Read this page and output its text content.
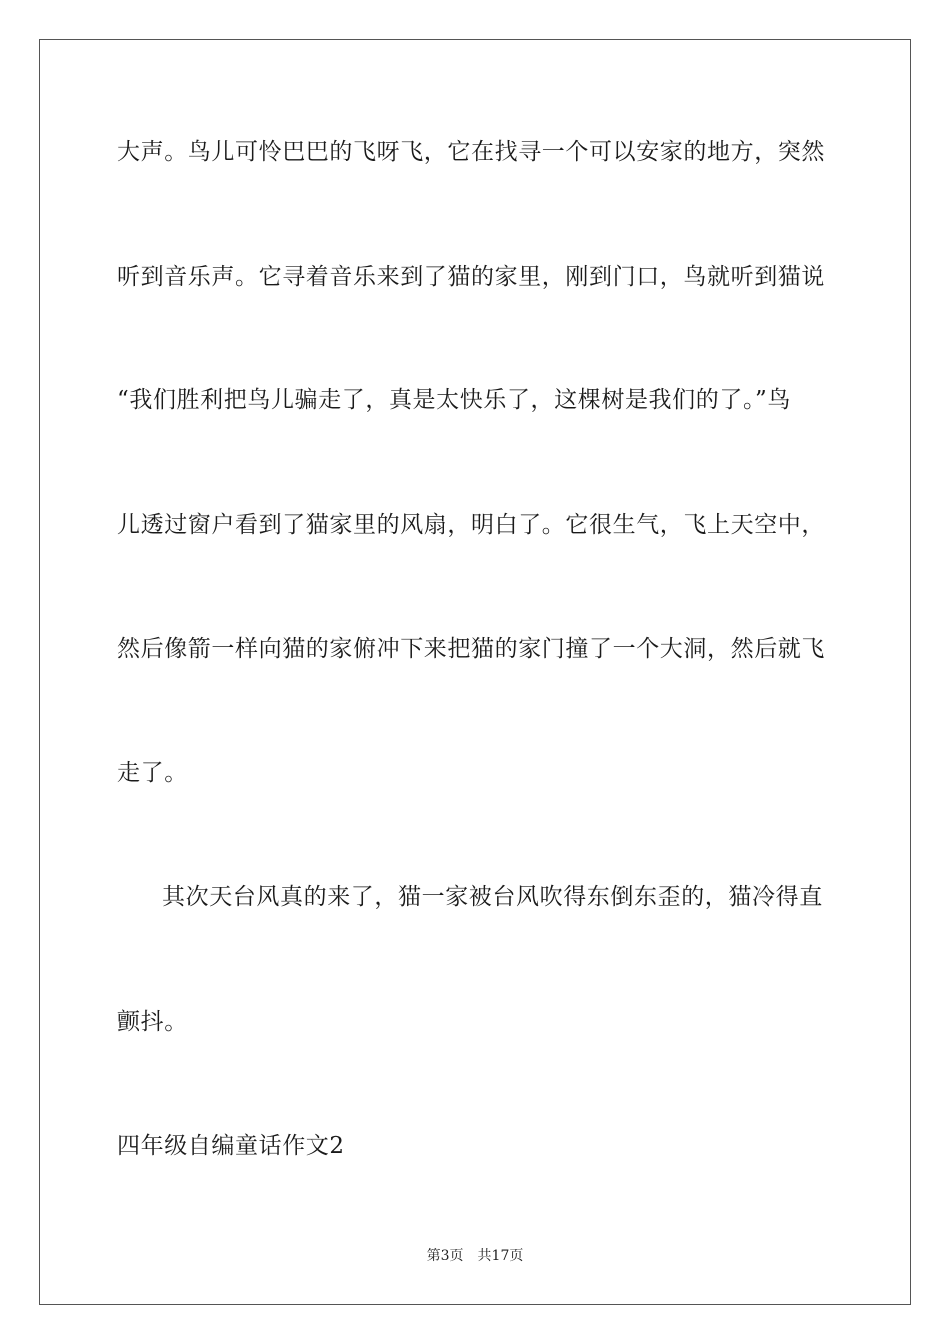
大声。鸟儿可怜巴巴的飞呀飞，它在找寻一个可以安家的地方，突然
听到音乐声。它寻着音乐来到了猫的家里，刚到门口，鸟就听到猫说
“我们胜利把鸟儿骗走了，真是太快乐了，这棵树是我们的了。”鸟
儿透过窗户看到了猫家里的风扇，明白了。它很生气，飞上天空中，
然后像箭一样向猫的家俯冲下来把猫的家门撞了一个大洞，然后就飞
走了。
其次天台风真的来了，猫一家被台风吹得东倒东歪的，猫冷得直
颤抖。
四年级自编童话作文2
第3页　共17页
